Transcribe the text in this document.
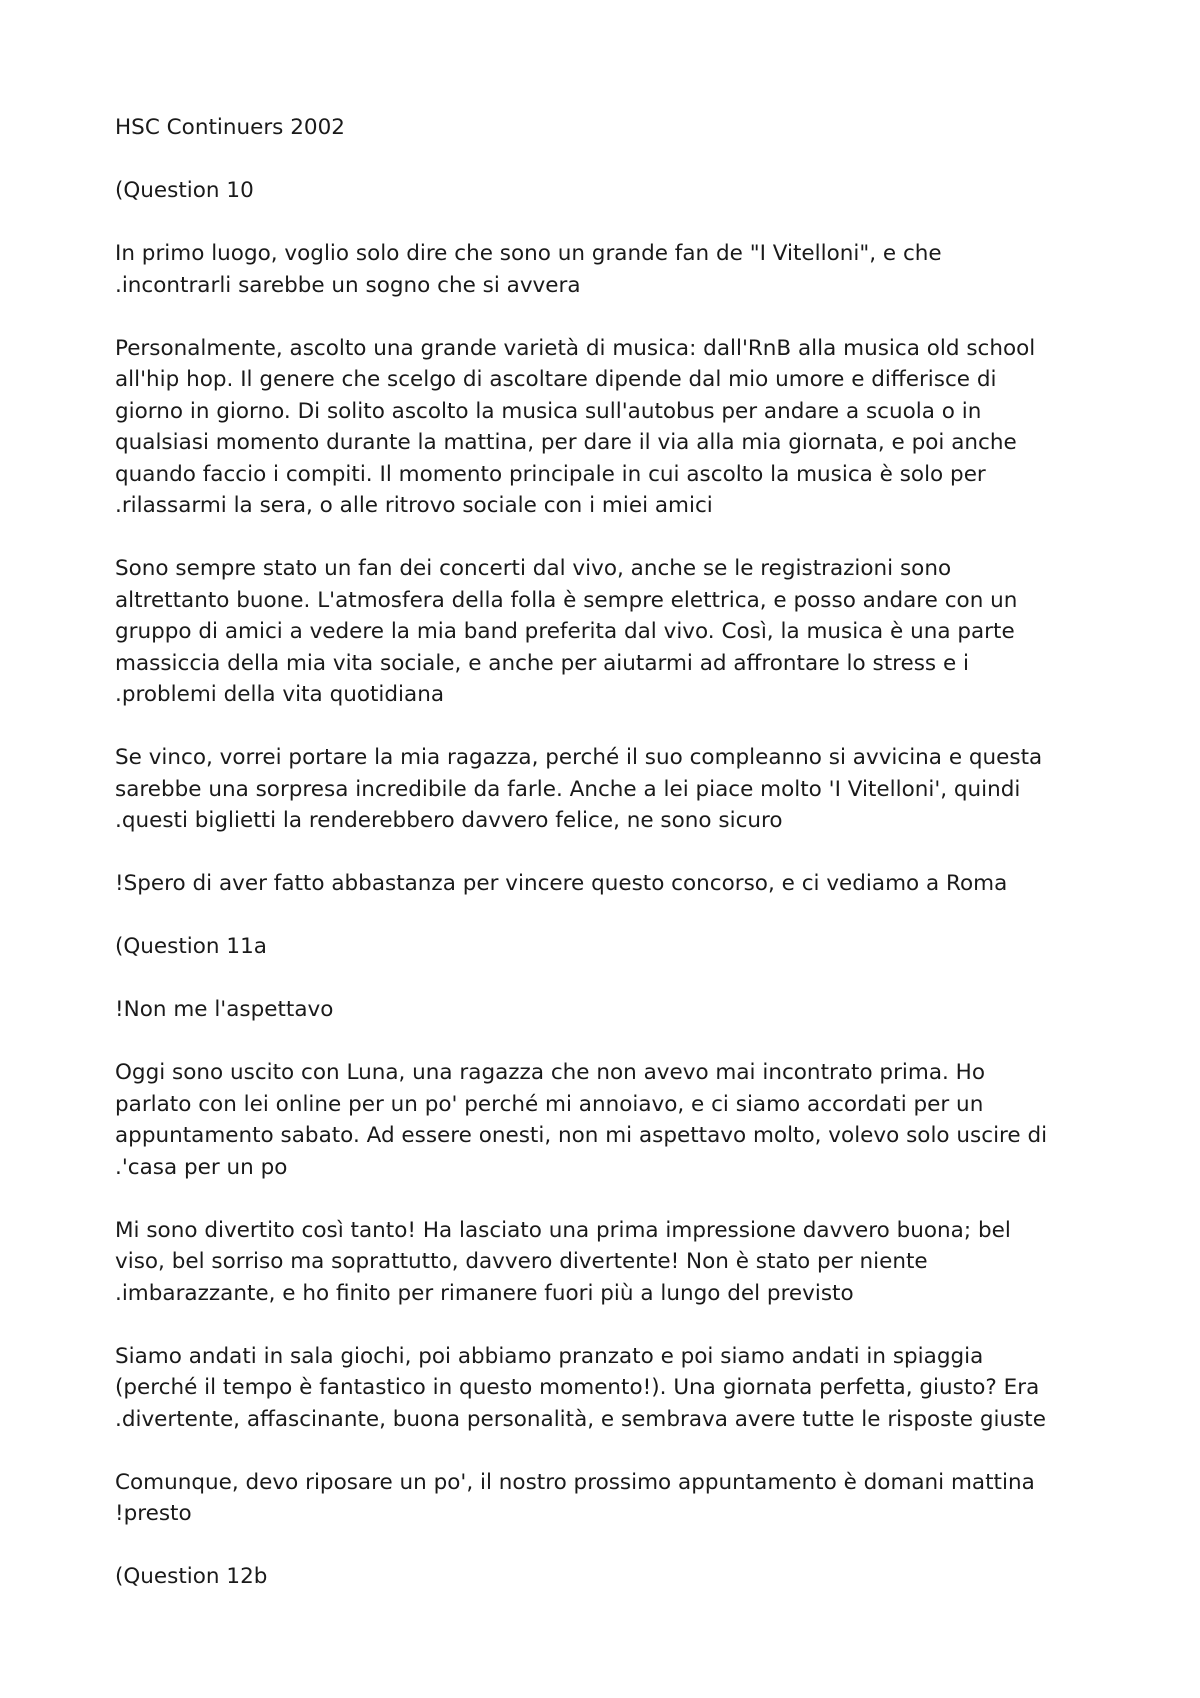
HSC Continuers 2002

(Question 10

In primo luogo, voglio solo dire che sono un grande fan de "I Vitelloni", e che
.incontrarli sarebbe un sogno che si avvera

Personalmente, ascolto una grande varietà di musica: dall'RnB alla musica old school
all'hip hop. Il genere che scelgo di ascoltare dipende dal mio umore e differisce di
giorno in giorno. Di solito ascolto la musica sull'autobus per andare a scuola o in
qualsiasi momento durante la mattina, per dare il via alla mia giornata, e poi anche
quando faccio i compiti. Il momento principale in cui ascolto la musica è solo per
.rilassarmi la sera, o alle ritrovo sociale con i miei amici

Sono sempre stato un fan dei concerti dal vivo, anche se le registrazioni sono
altrettanto buone. L'atmosfera della folla è sempre elettrica, e posso andare con un
gruppo di amici a vedere la mia band preferita dal vivo. Così, la musica è una parte
massiccia della mia vita sociale, e anche per aiutarmi ad affrontare lo stress e i
.problemi della vita quotidiana

Se vinco, vorrei portare la mia ragazza, perché il suo compleanno si avvicina e questa
sarebbe una sorpresa incredibile da farle. Anche a lei piace molto 'I Vitelloni', quindi
.questi biglietti la renderebbero davvero felice, ne sono sicuro

!Spero di aver fatto abbastanza per vincere questo concorso, e ci vediamo a Roma

(Question 11a

!Non me l'aspettavo

Oggi sono uscito con Luna, una ragazza che non avevo mai incontrato prima. Ho
parlato con lei online per un po' perché mi annoiavo, e ci siamo accordati per un
appuntamento sabato. Ad essere onesti, non mi aspettavo molto, volevo solo uscire di
.'casa per un po

Mi sono divertito così tanto! Ha lasciato una prima impressione davvero buona; bel
viso, bel sorriso ma soprattutto, davvero divertente! Non è stato per niente
.imbarazzante, e ho finito per rimanere fuori più a lungo del previsto

Siamo andati in sala giochi, poi abbiamo pranzato e poi siamo andati in spiaggia
(perché il tempo è fantastico in questo momento!). Una giornata perfetta, giusto? Era
.divertente, affascinante, buona personalità, e sembrava avere tutte le risposte giuste

Comunque, devo riposare un po', il nostro prossimo appuntamento è domani mattina
!presto

(Question 12b
